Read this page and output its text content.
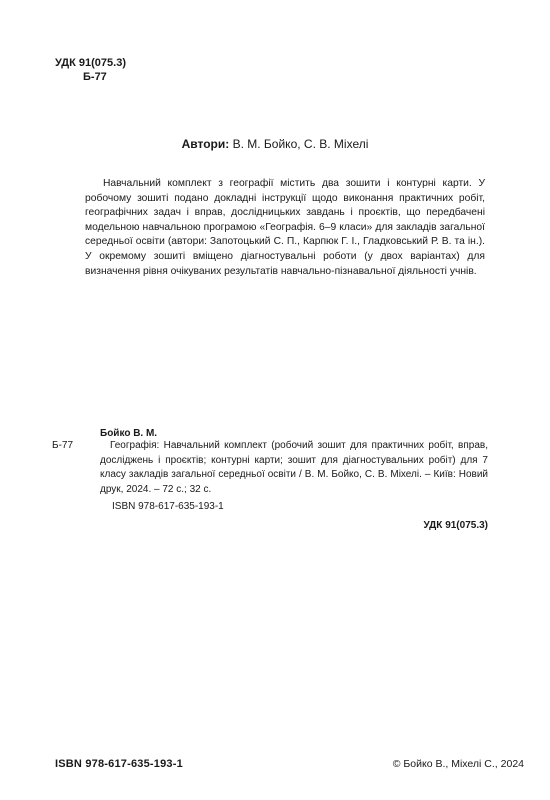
УДК 91(075.3)
Б-77
Автори: В. М. Бойко, С. В. Міхелі

Навчальний комплект з географії містить два зошити і контурні карти. У робочому зошиті подано докладні інструкції щодо виконання практичних робіт, географічних задач і вправ, дослідницьких завдань і проєктів, що передбачені модельною навчальною програмою «Географія. 6–9 класи» для закладів загальної середньої освіти (автори: Запотоцький С. П., Карпюк Г. І., Гладковський Р. В. та ін.). У окремому зошиті вміщено діагностувальні роботи (у двох варіантах) для визначення рівня очікуваних результатів навчально-пізнавальної діяльності учнів.

Бойко В. М.
Б-77	Географія: Навчальний комплект (робочий зошит для практичних робіт, вправ, досліджень і проєктів; контурні карти; зошит для діагностувальних робіт) для 7 класу закладів загальної середньої освіти / В. М. Бойко, С. В. Міхелі. – Київ: Новий друк, 2024. – 72 с.; 32 с.

ISBN 978-617-635-193-1
УДК 91(075.3)
ISBN 978-617-635-193-1	© Бойко В., Міхелі С., 2024
